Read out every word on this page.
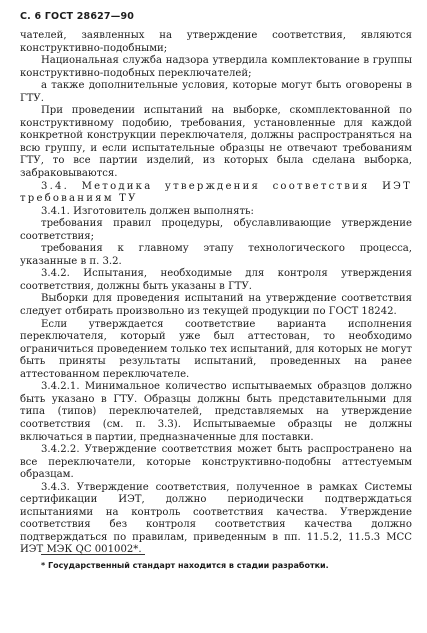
С. 6 ГОСТ 28627—90

чателей, заявленных на утверждение соответствия, являются конструктивно-подобными;

Национальная служба надзора утвердила комплектование в группы конструктивно-подобных переключателей;

а также дополнительные условия, которые могут быть оговорены в ГТУ.

При проведении испытаний на выборке, скомплектованной по конструктивному подобию, требования, установленные для каждой конкретной конструкции переключателя, должны распространяться на всю группу, и если испытательные образцы не отвечают требованиям ГТУ, то все партии изделий, из которых была сделана выборка, забраковываются.

3.4. Методика утверждения соответствия ИЭТ требованиям ТУ

3.4.1. Изготовитель должен выполнять:

требования правил процедуры, обуславливающие утверждение соответствия;

требования к главному этапу технологического процесса, указанные в п. 3.2.

3.4.2. Испытания, необходимые для контроля утверждения соответствия, должны быть указаны в ГТУ.

Выборки для проведения испытаний на утверждение соответствия следует отбирать произвольно из текущей продукции по ГОСТ 18242.

Если утверждается соответствие варианта исполнения переключателя, который уже был аттестован, то необходимо ограничиться проведением только тех испытаний, для которых не могут быть приняты результаты испытаний, проведенных на ранее аттестованном переключателе.

3.4.2.1. Минимальное количество испытываемых образцов должно быть указано в ГТУ. Образцы должны быть представительными для типа (типов) переключателей, представляемых на утверждение соответствия (см. п. 3.3). Испытываемые образцы не должны включаться в партии, предназначенные для поставки.

3.4.2.2. Утверждение соответствия может быть распространено на все переключатели, которые конструктивно-подобны аттестуемым образцам.

3.4.3. Утверждение соответствия, полученное в рамках Системы сертификации ИЭТ, должно периодически подтверждаться испытаниями на контроль соответствия качества. Утверждение соответствия без контроля соответствия качества должно подтверждаться по правилам, приведенным в пп. 11.5.2, 11.5.3 МСС ИЭТ МЭК QC 001002*.

* Государственный стандарт находится в стадии разработки.
